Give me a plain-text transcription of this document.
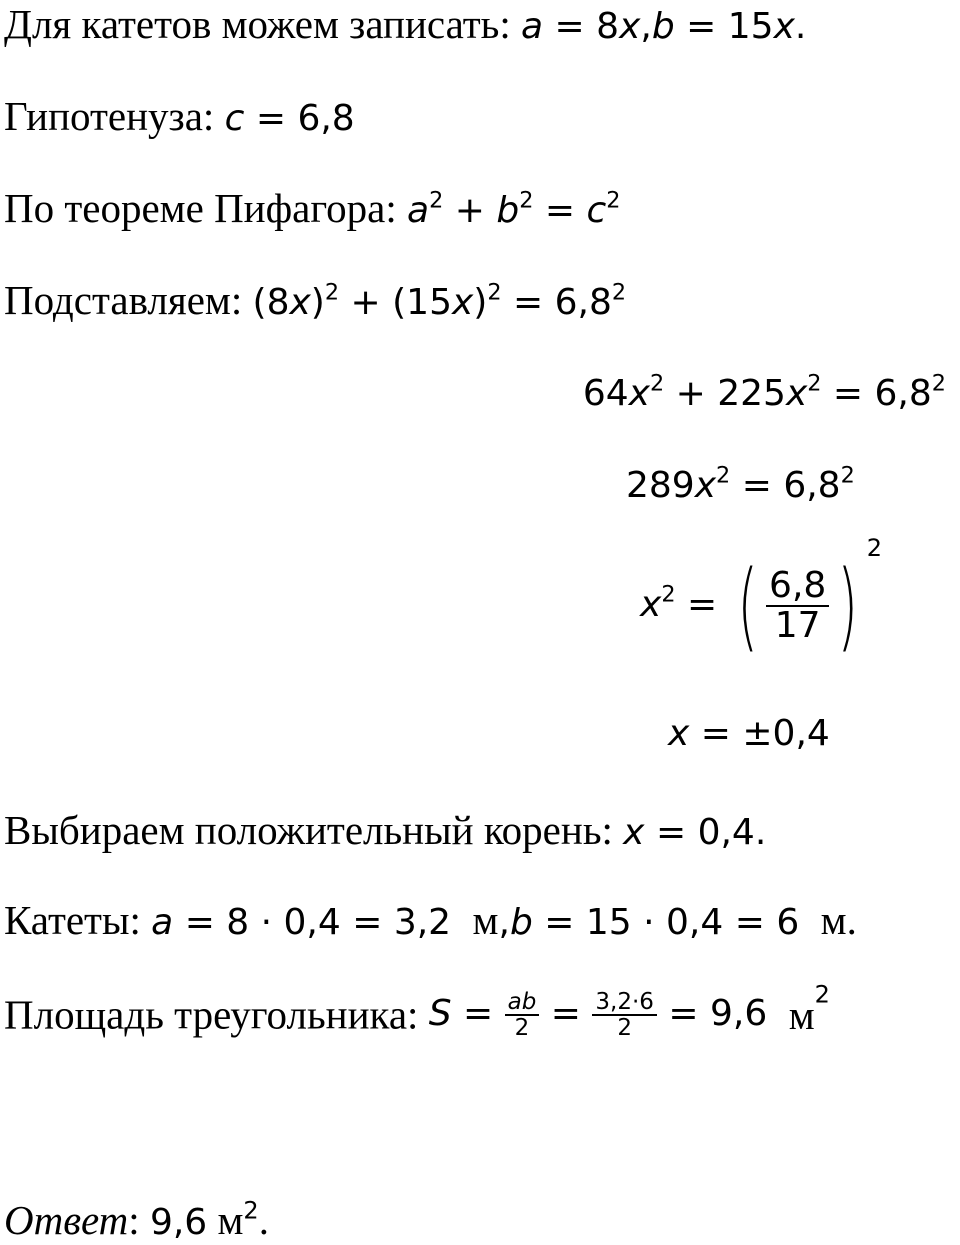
Для катетов можем записать: a = 8x,b = 15x.
Гипотенуза: c = 6,8
По теореме Пифагора: $a^2 + b^2 = c^2$
Подставляем: $(8x)^2 + (15x)^2 = 6,8^2$
$64x^2 + 225x^2 = 6,8^2$
$289x^2 = 6,8^2$
$x^2$ = ( $\frac{6,8}{17} )^2$
x = ±0,4
Выбираем положительный корень: x = 0,4.
Катеты: a = 8 · 0,4 = 3,2 м,b = 15 · 0,4 = 6 м.
Площадь треугольника: $S = \frac{ab}{2} = \frac{3,2\cdot 6}{2} = 9,6$ $м^2$
Ответ: 9,6 $м^2$.
